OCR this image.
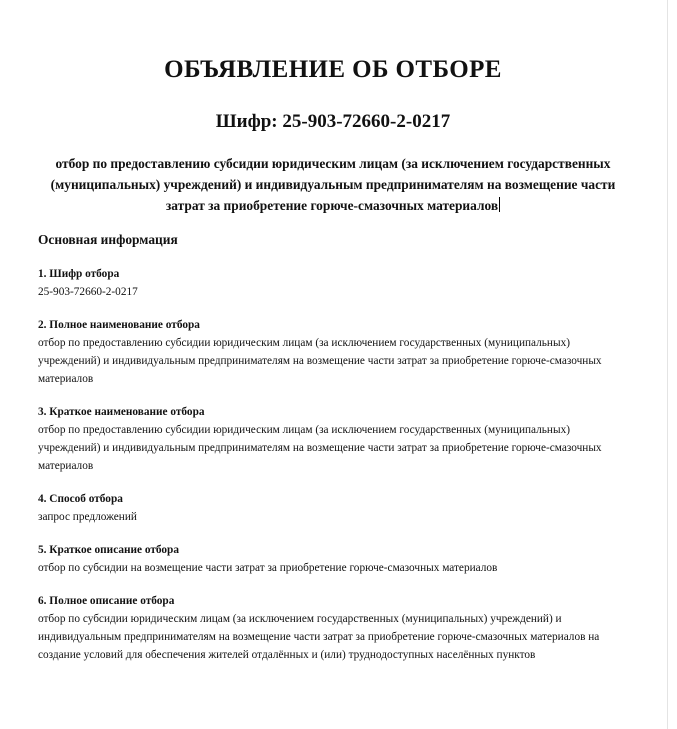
ОБЪЯВЛЕНИЕ ОБ ОТБОРЕ
Шифр: 25-903-72660-2-0217
отбор по предоставлению субсидии юридическим лицам (за исключением государственных (муниципальных) учреждений) и индивидуальным предпринимателям на возмещение части затрат за приобретение горюче-смазочных материалов
Основная информация
1. Шифр отбора
25-903-72660-2-0217
2. Полное наименование отбора
отбор по предоставлению субсидии юридическим лицам (за исключением государственных (муниципальных) учреждений) и индивидуальным предпринимателям на возмещение части затрат за приобретение горюче-смазочных материалов
3. Краткое наименование отбора
отбор по предоставлению субсидии юридическим лицам (за исключением государственных (муниципальных) учреждений) и индивидуальным предпринимателям на возмещение части затрат за приобретение горюче-смазочных материалов
4. Способ отбора
запрос предложений
5. Краткое описание отбора
отбор по субсидии на возмещение части затрат за приобретение горюче-смазочных материалов
6. Полное описание отбора
отбор по субсидии юридическим лицам (за исключением государственных (муниципальных) учреждений) и индивидуальным предпринимателям на возмещение части затрат за приобретение горюче-смазочных материалов на создание условий для обеспечения жителей отдалённых и (или) труднодоступных населённых пунктов
